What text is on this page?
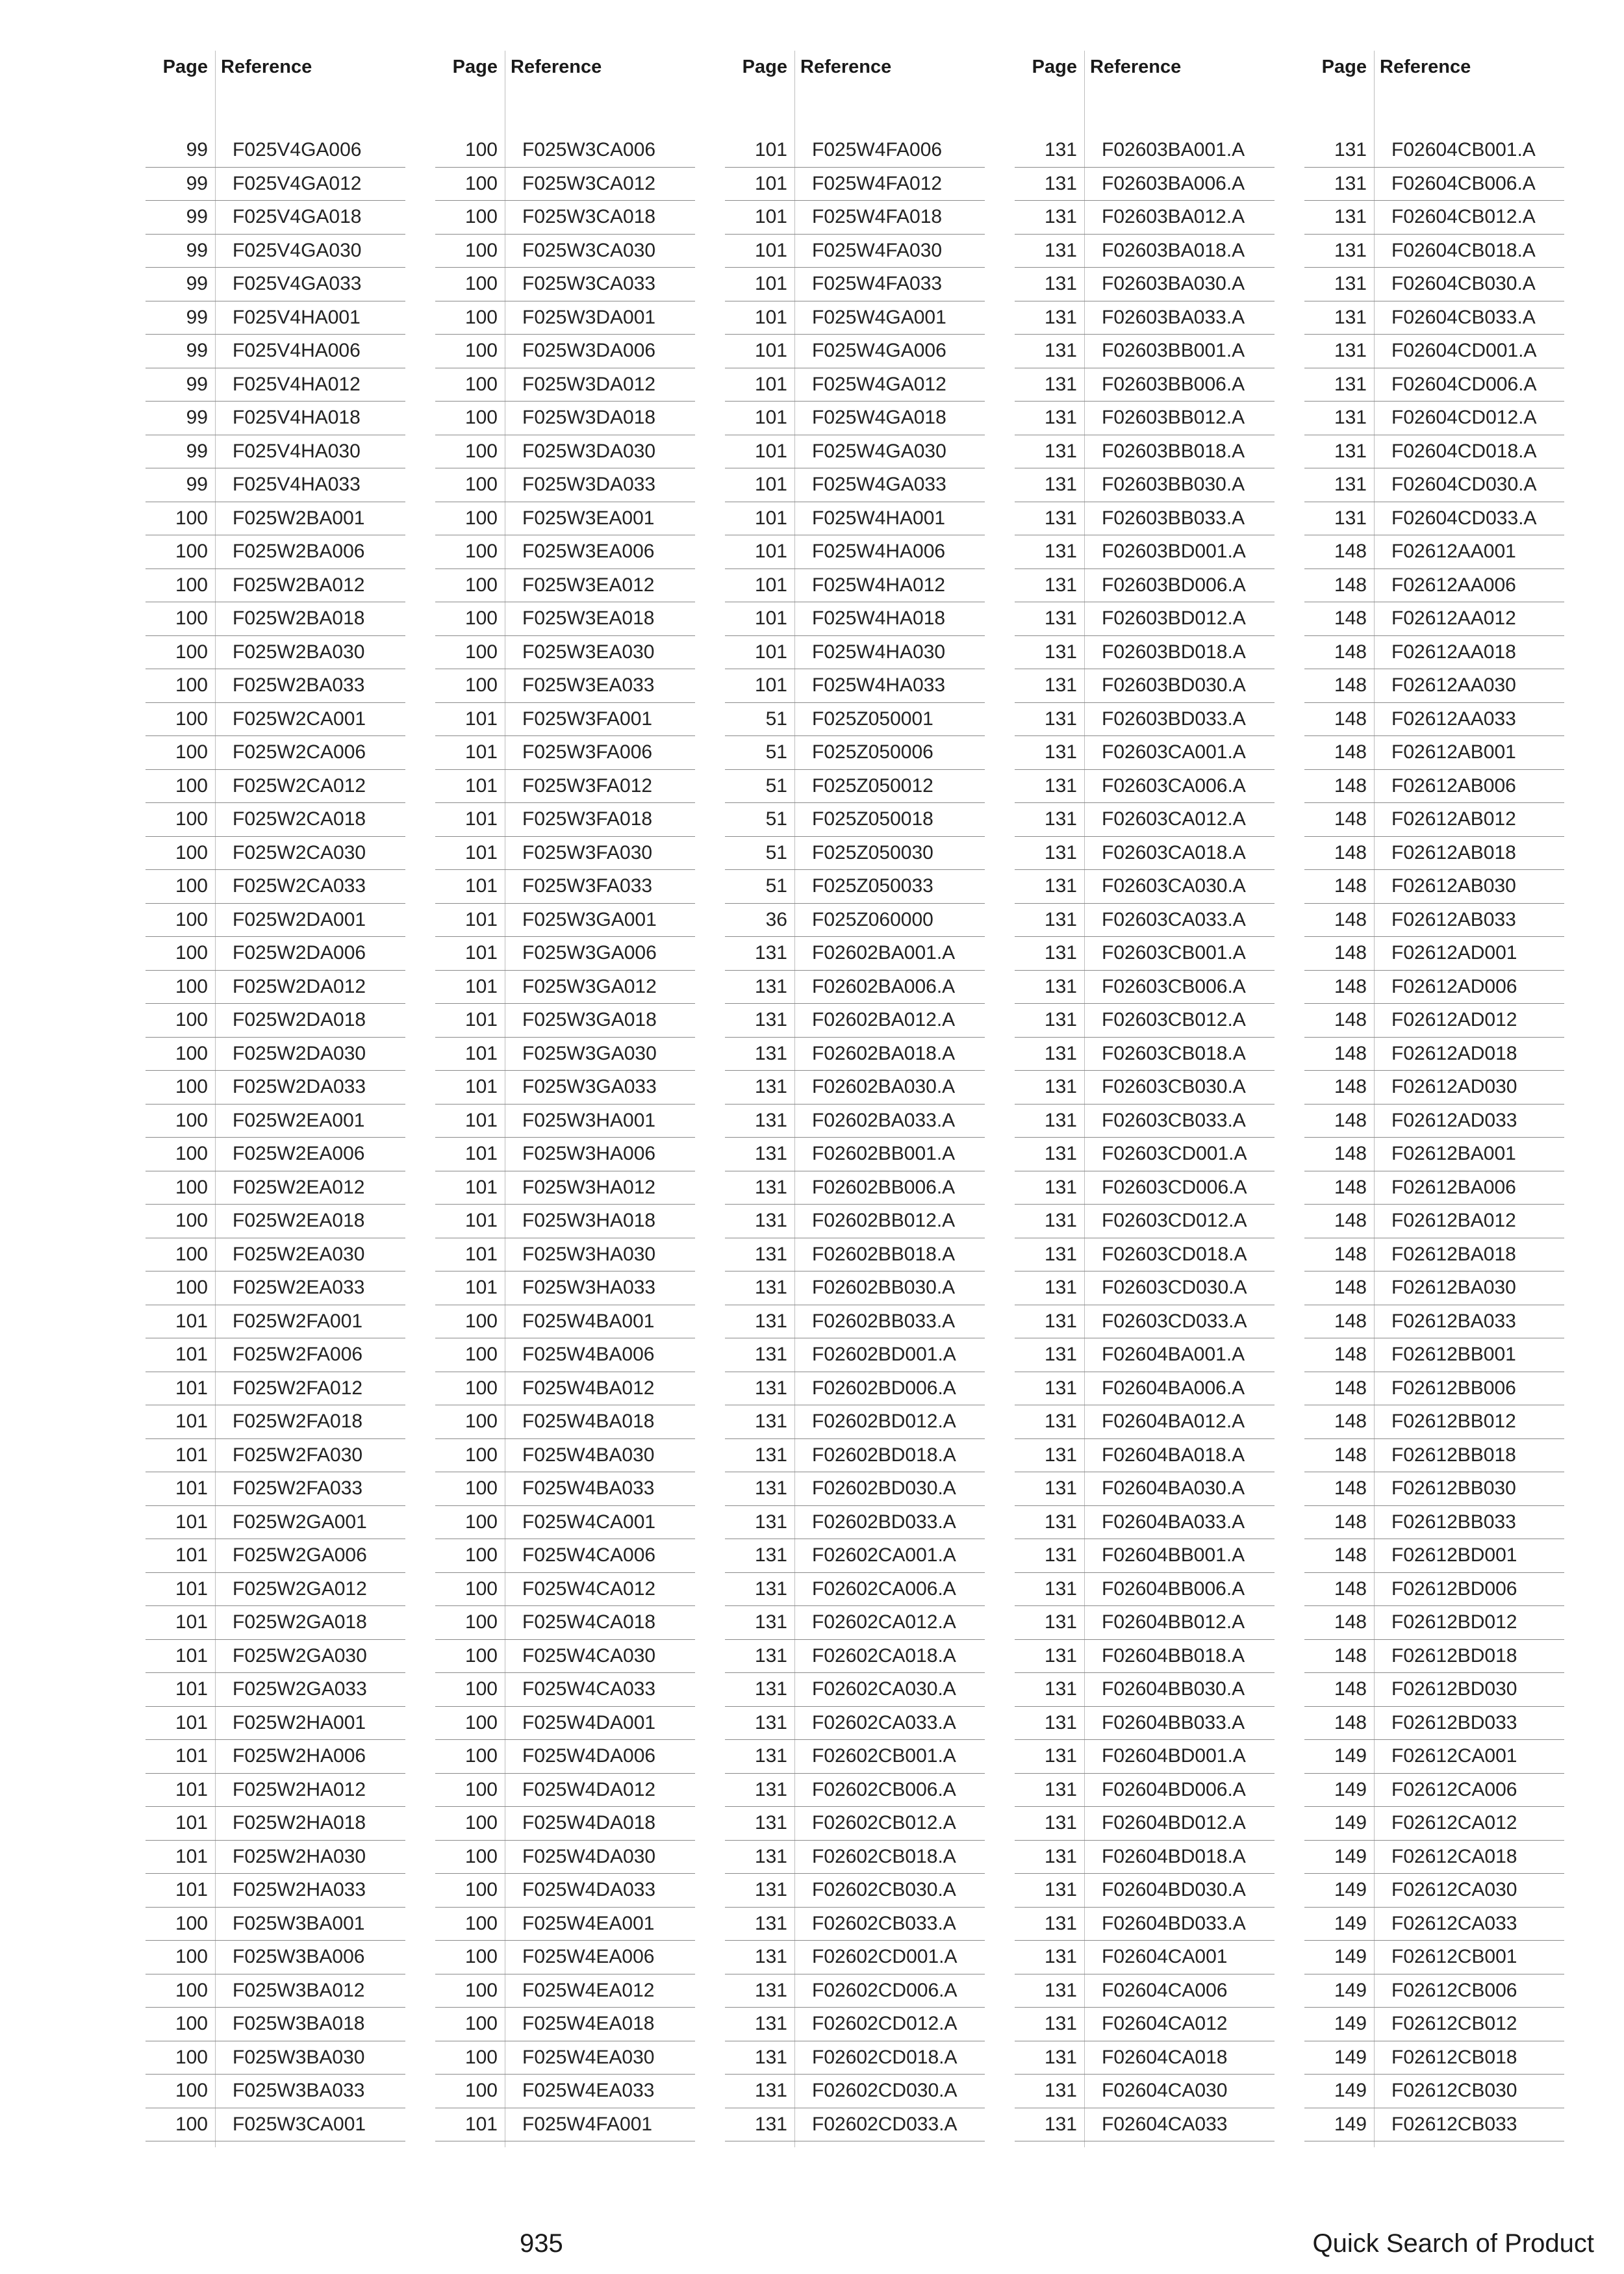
Page Reference
99 F025V4GA006
99 F025V4GA012
99 F025V4GA018
99 F025V4GA030
99 F025V4GA033
99 F025V4HA001
99 F025V4HA006
99 F025V4HA012
99 F025V4HA018
99 F025V4HA030
99 F025V4HA033
100 F025W2BA001
100 F025W2BA006
100 F025W2BA012
100 F025W2BA018
100 F025W2BA030
100 F025W2BA033
100 F025W2CA001
100 F025W2CA006
100 F025W2CA012
100 F025W2CA018
100 F025W2CA030
100 F025W2CA033
100 F025W2DA001
100 F025W2DA006
100 F025W2DA012
100 F025W2DA018
100 F025W2DA030
100 F025W2DA033
100 F025W2EA001
100 F025W2EA006
100 F025W2EA012
100 F025W2EA018
100 F025W2EA030
100 F025W2EA033
101 F025W2FA001
101 F025W2FA006
101 F025W2FA012
101 F025W2FA018
101 F025W2FA030
101 F025W2FA033
101 F025W2GA001
101 F025W2GA006
101 F025W2GA012
101 F025W2GA018
101 F025W2GA030
101 F025W2GA033
101 F025W2HA001
101 F025W2HA006
101 F025W2HA012
101 F025W2HA018
101 F025W2HA030
101 F025W2HA033
100 F025W3BA001
100 F025W3BA006
100 F025W3BA012
100 F025W3BA018
100 F025W3BA030
100 F025W3BA033
100 F025W3CA001
Page Reference
100 F025W3CA006
100 F025W3CA012
100 F025W3CA018
100 F025W3CA030
100 F025W3CA033
100 F025W3DA001
100 F025W3DA006
100 F025W3DA012
100 F025W3DA018
100 F025W3DA030
100 F025W3DA033
100 F025W3EA001
100 F025W3EA006
100 F025W3EA012
100 F025W3EA018
100 F025W3EA030
100 F025W3EA033
101 F025W3FA001
101 F025W3FA006
101 F025W3FA012
101 F025W3FA018
101 F025W3FA030
101 F025W3FA033
101 F025W3GA001
101 F025W3GA006
101 F025W3GA012
101 F025W3GA018
101 F025W3GA030
101 F025W3GA033
101 F025W3HA001
101 F025W3HA006
101 F025W3HA012
101 F025W3HA018
101 F025W3HA030
101 F025W3HA033
100 F025W4BA001
100 F025W4BA006
100 F025W4BA012
100 F025W4BA018
100 F025W4BA030
100 F025W4BA033
100 F025W4CA001
100 F025W4CA006
100 F025W4CA012
100 F025W4CA018
100 F025W4CA030
100 F025W4CA033
100 F025W4DA001
100 F025W4DA006
100 F025W4DA012
100 F025W4DA018
100 F025W4DA030
100 F025W4DA033
100 F025W4EA001
100 F025W4EA006
100 F025W4EA012
100 F025W4EA018
100 F025W4EA030
100 F025W4EA033
101 F025W4FA001
Page Reference
101 F025W4FA006
101 F025W4FA012
101 F025W4FA018
101 F025W4FA030
101 F025W4FA033
101 F025W4GA001
101 F025W4GA006
101 F025W4GA012
101 F025W4GA018
101 F025W4GA030
101 F025W4GA033
101 F025W4HA001
101 F025W4HA006
101 F025W4HA012
101 F025W4HA018
101 F025W4HA030
101 F025W4HA033
51 F025Z050001
51 F025Z050006
51 F025Z050012
51 F025Z050018
51 F025Z050030
51 F025Z050033
36 F025Z060000
131 F02602BA001.A
131 F02602BA006.A
131 F02602BA012.A
131 F02602BA018.A
131 F02602BA030.A
131 F02602BA033.A
131 F02602BB001.A
131 F02602BB006.A
131 F02602BB012.A
131 F02602BB018.A
131 F02602BB030.A
131 F02602BB033.A
131 F02602BD001.A
131 F02602BD006.A
131 F02602BD012.A
131 F02602BD018.A
131 F02602BD030.A
131 F02602BD033.A
131 F02602CA001.A
131 F02602CA006.A
131 F02602CA012.A
131 F02602CA018.A
131 F02602CA030.A
131 F02602CA033.A
131 F02602CB001.A
131 F02602CB006.A
131 F02602CB012.A
131 F02602CB018.A
131 F02602CB030.A
131 F02602CB033.A
131 F02602CD001.A
131 F02602CD006.A
131 F02602CD012.A
131 F02602CD018.A
131 F02602CD030.A
131 F02602CD033.A
Page Reference
131 F02603BA001.A
131 F02603BA006.A
131 F02603BA012.A
131 F02603BA018.A
131 F02603BA030.A
131 F02603BA033.A
131 F02603BB001.A
131 F02603BB006.A
131 F02603BB012.A
131 F02603BB018.A
131 F02603BB030.A
131 F02603BB033.A
131 F02603BD001.A
131 F02603BD006.A
131 F02603BD012.A
131 F02603BD018.A
131 F02603BD030.A
131 F02603BD033.A
131 F02603CA001.A
131 F02603CA006.A
131 F02603CA012.A
131 F02603CA018.A
131 F02603CA030.A
131 F02603CA033.A
131 F02603CB001.A
131 F02603CB006.A
131 F02603CB012.A
131 F02603CB018.A
131 F02603CB030.A
131 F02603CB033.A
131 F02603CD001.A
131 F02603CD006.A
131 F02603CD012.A
131 F02603CD018.A
131 F02603CD030.A
131 F02603CD033.A
131 F02604BA001.A
131 F02604BA006.A
131 F02604BA012.A
131 F02604BA018.A
131 F02604BA030.A
131 F02604BA033.A
131 F02604BB001.A
131 F02604BB006.A
131 F02604BB012.A
131 F02604BB018.A
131 F02604BB030.A
131 F02604BB033.A
131 F02604BD001.A
131 F02604BD006.A
131 F02604BD012.A
131 F02604BD018.A
131 F02604BD030.A
131 F02604BD033.A
131 F02604CA001
131 F02604CA006
131 F02604CA012
131 F02604CA018
131 F02604CA030
131 F02604CA033
Page Reference
131 F02604CB001.A
131 F02604CB006.A
131 F02604CB012.A
131 F02604CB018.A
131 F02604CB030.A
131 F02604CB033.A
131 F02604CD001.A
131 F02604CD006.A
131 F02604CD012.A
131 F02604CD018.A
131 F02604CD030.A
131 F02604CD033.A
148 F02612AA001
148 F02612AA006
148 F02612AA012
148 F02612AA018
148 F02612AA030
148 F02612AA033
148 F02612AB001
148 F02612AB006
148 F02612AB012
148 F02612AB018
148 F02612AB030
148 F02612AB033
148 F02612AD001
148 F02612AD006
148 F02612AD012
148 F02612AD018
148 F02612AD030
148 F02612AD033
148 F02612BA001
148 F02612BA006
148 F02612BA012
148 F02612BA018
148 F02612BA030
148 F02612BA033
148 F02612BB001
148 F02612BB006
148 F02612BB012
148 F02612BB018
148 F02612BB030
148 F02612BB033
148 F02612BD001
148 F02612BD006
148 F02612BD012
148 F02612BD018
148 F02612BD030
148 F02612BD033
149 F02612CA001
149 F02612CA006
149 F02612CA012
149 F02612CA018
149 F02612CA030
149 F02612CA033
149 F02612CB001
149 F02612CB006
149 F02612CB012
149 F02612CB018
149 F02612CB030
149 F02612CB033
935	Quick Search of Product
